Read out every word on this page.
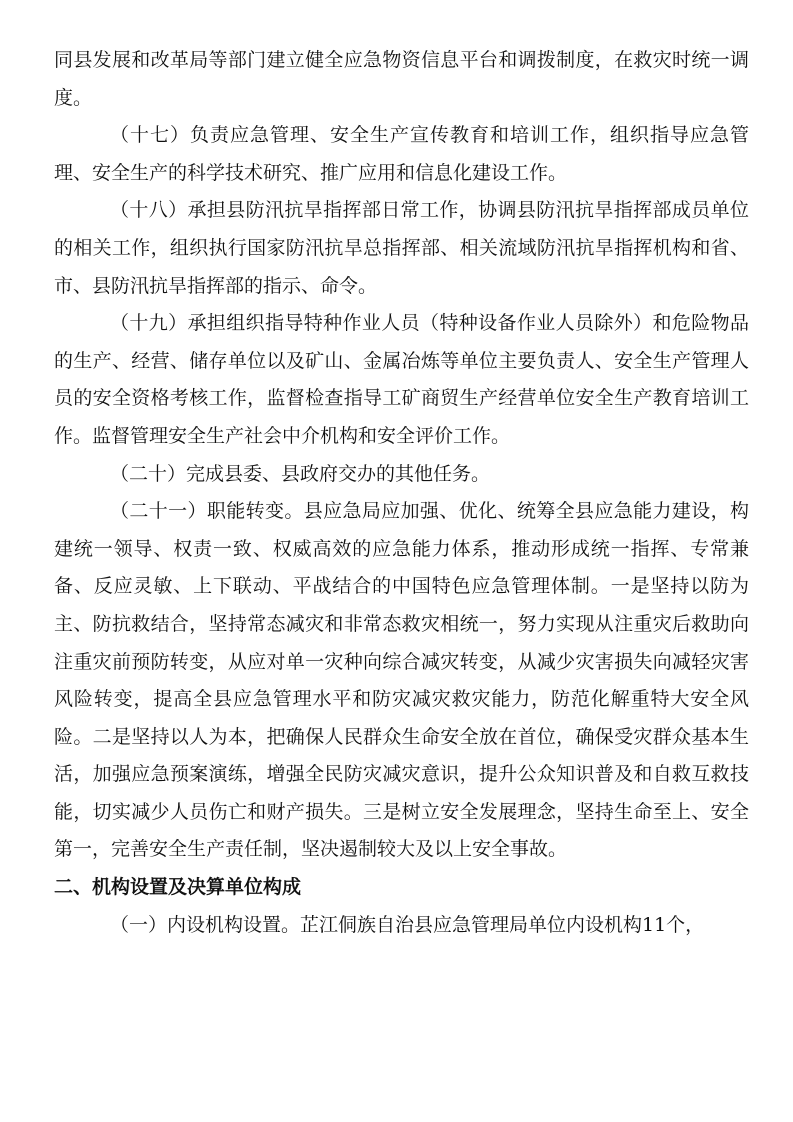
同县发展和改革局等部门建立健全应急物资信息平台和调拨制度，在救灾时统一调度。

（十七）负责应急管理、安全生产宣传教育和培训工作，组织指导应急管理、安全生产的科学技术研究、推广应用和信息化建设工作。

（十八）承担县防汛抗旱指挥部日常工作，协调县防汛抗旱指挥部成员单位的相关工作，组织执行国家防汛抗旱总指挥部、相关流域防汛抗旱指挥机构和省、市、县防汛抗旱指挥部的指示、命令。

（十九）承担组织指导特种作业人员（特种设备作业人员除外）和危险物品的生产、经营、储存单位以及矿山、金属冶炼等单位主要负责人、安全生产管理人员的安全资格考核工作，监督检查指导工矿商贸生产经营单位安全生产教育培训工作。监督管理安全生产社会中介机构和安全评价工作。

（二十）完成县委、县政府交办的其他任务。

（二十一）职能转变。县应急局应加强、优化、统筹全县应急能力建设，构建统一领导、权责一致、权威高效的应急能力体系，推动形成统一指挥、专常兼备、反应灵敏、上下联动、平战结合的中国特色应急管理体制。一是坚持以防为主、防抗救结合，坚持常态减灾和非常态救灾相统一，努力实现从注重灾后救助向注重灾前预防转变，从应对单一灾种向综合减灾转变，从减少灾害损失向减轻灾害风险转变，提高全县应急管理水平和防灾减灾救灾能力，防范化解重特大安全风险。二是坚持以人为本，把确保人民群众生命安全放在首位，确保受灾群众基本生活，加强应急预案演练，增强全民防灾减灾意识，提升公众知识普及和自救互救技能，切实减少人员伤亡和财产损失。三是树立安全发展理念，坚持生命至上、安全第一，完善安全生产责任制，坚决遏制较大及以上安全事故。

二、机构设置及决算单位构成

（一）内设机构设置。芷江侗族自治县应急管理局单位内设机构11个，
